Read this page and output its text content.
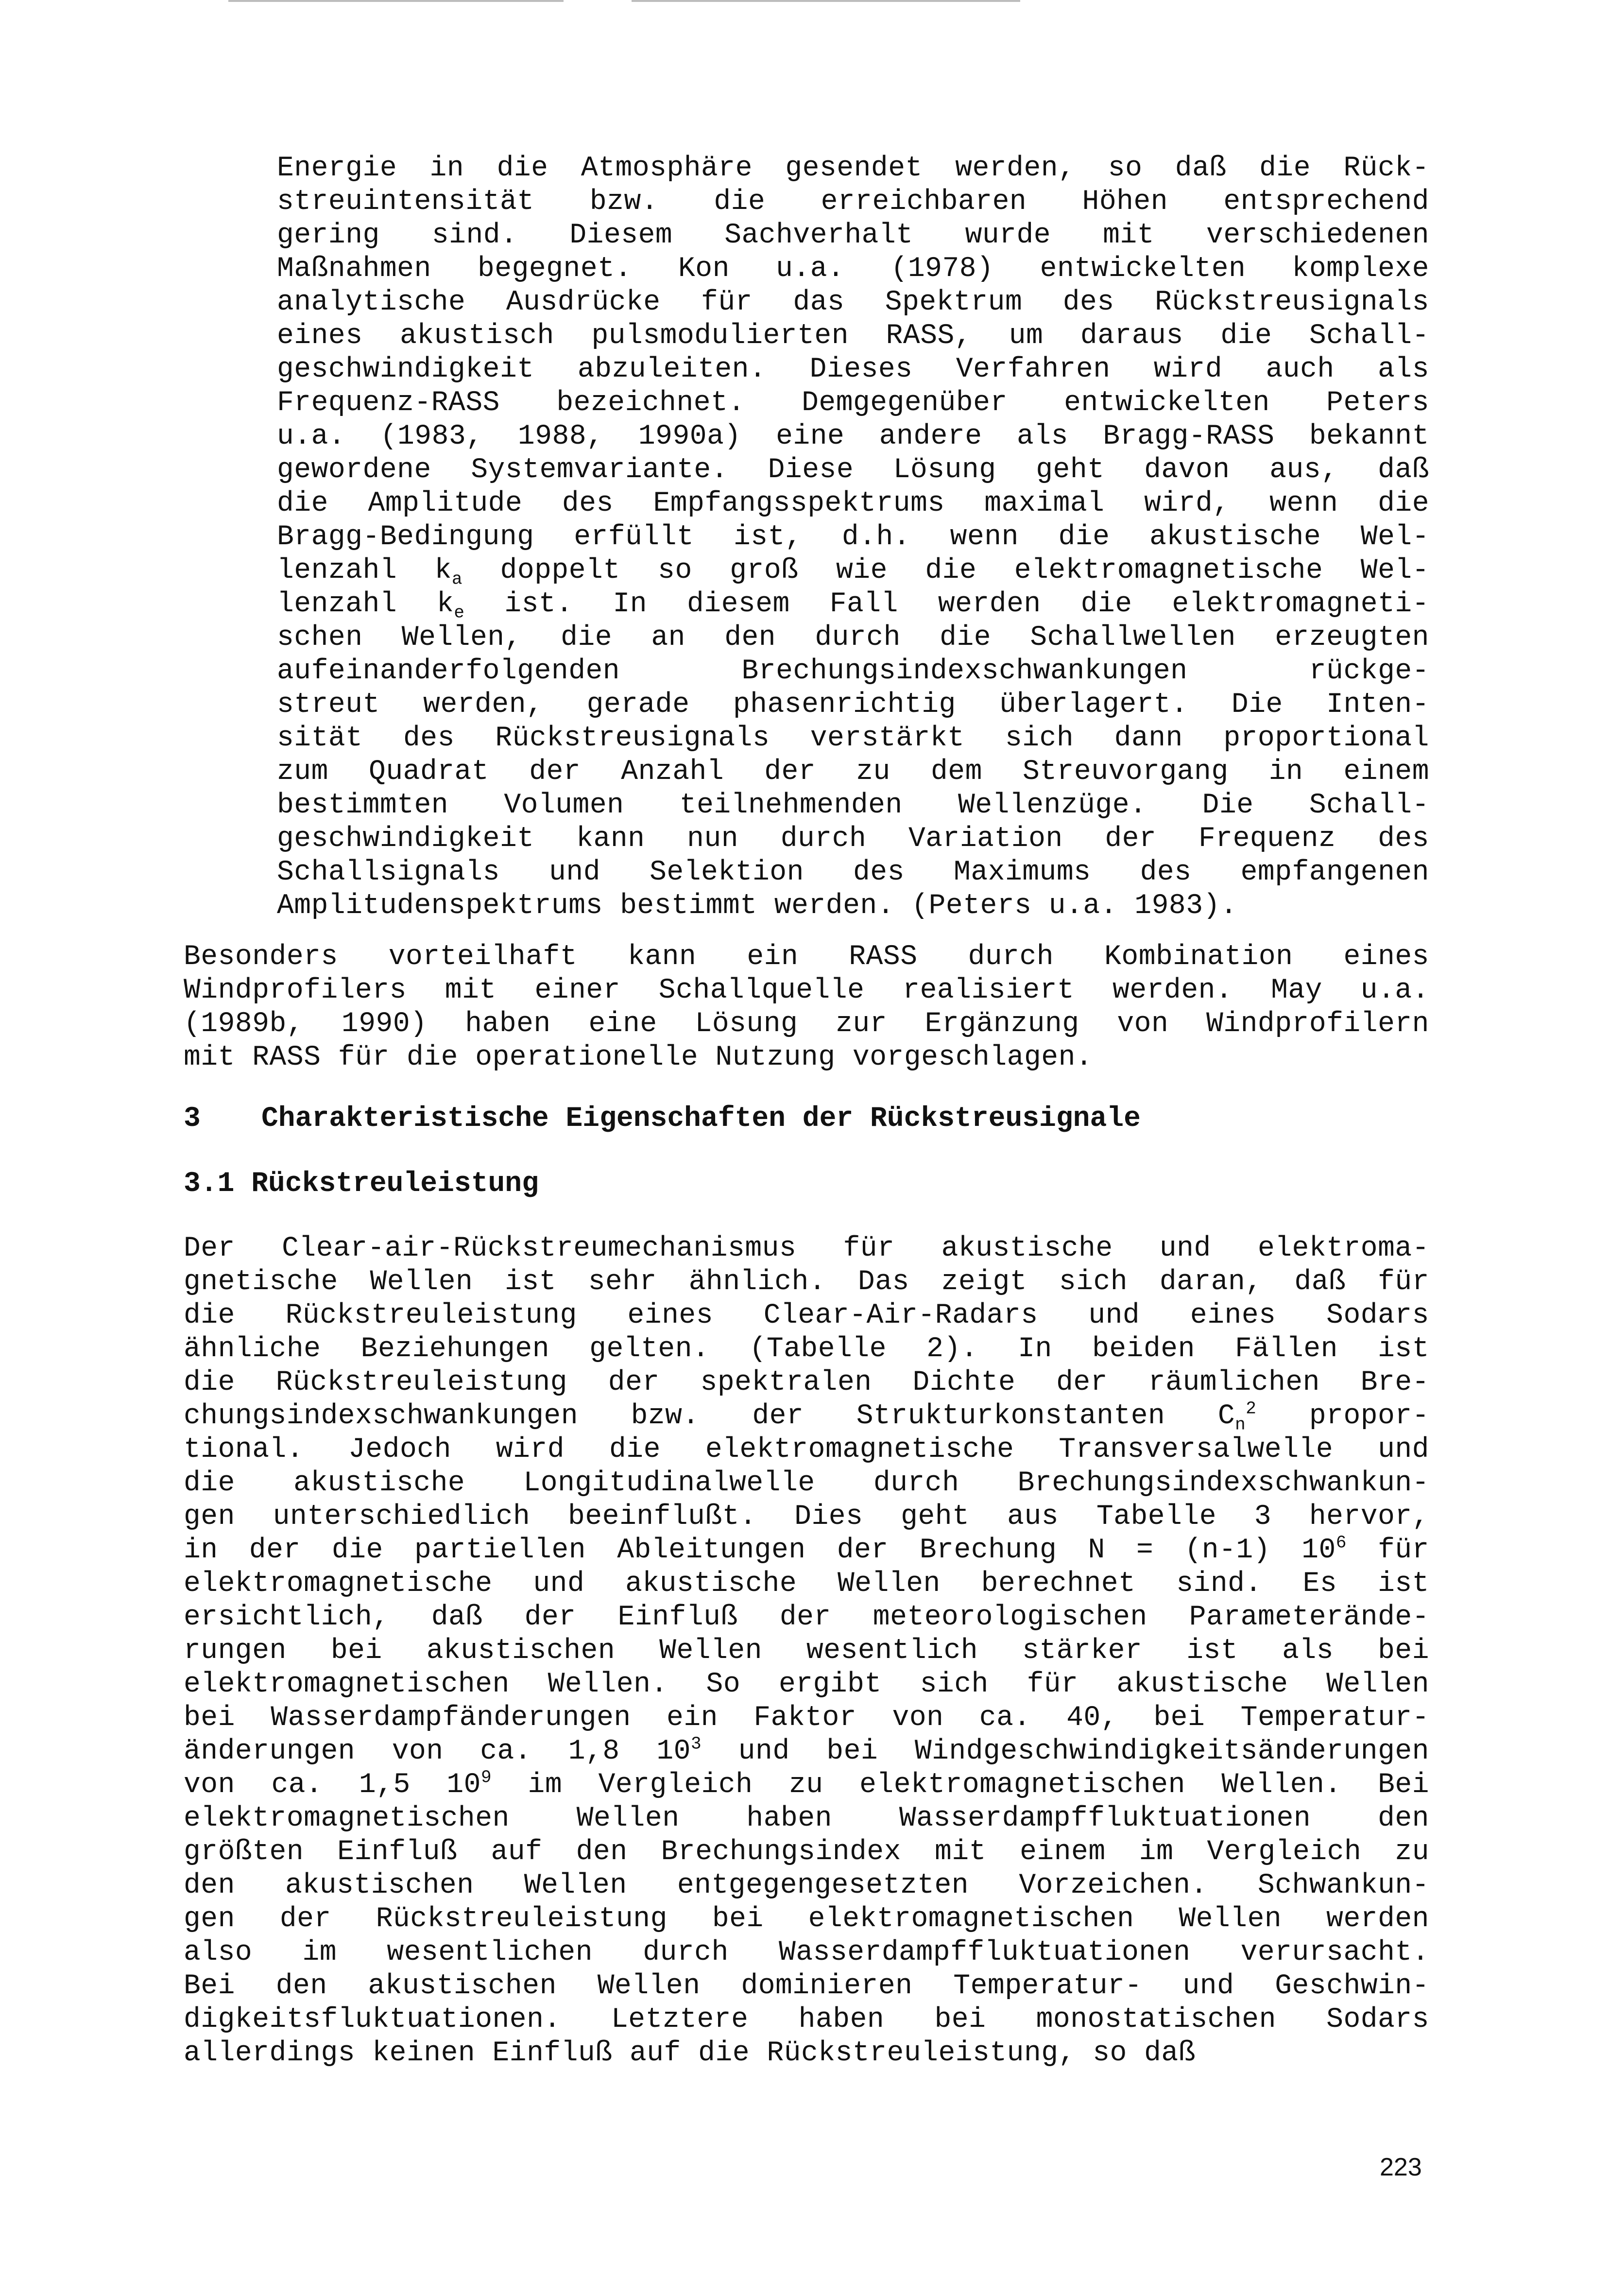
Energie in die Atmosphäre gesendet werden, so daß die Rück-
streuintensität bzw. die erreichbaren Höhen entsprechend
gering sind. Diesem Sachverhalt wurde mit verschiedenen
Maßnahmen begegnet. Kon u.a. (1978) entwickelten komplexe
analytische Ausdrücke für das Spektrum des Rückstreusignals
eines akustisch pulsmodulierten RASS, um daraus die Schall-
geschwindigkeit abzuleiten. Dieses Verfahren wird auch als
Frequenz-RASS bezeichnet. Demgegenüber entwickelten Peters
u.a. (1983, 1988, 1990a) eine andere als Bragg-RASS bekannt
gewordene Systemvariante. Diese Lösung geht davon aus, daß
die Amplitude des Empfangsspektrums maximal wird, wenn die
Bragg-Bedingung erfüllt ist, d.h. wenn die akustische Wel-
lenzahl $k_a$ doppelt so groß wie die elektromagnetische Wel-
lenzahl $k_e$ ist. In diesem Fall werden die elektromagneti-
schen Wellen, die an den durch die Schallwellen erzeugten
aufeinanderfolgenden Brechungsindexschwankungen rückge-
streut werden, gerade phasenrichtig überlagert. Die Inten-
sität des Rückstreusignals verstärkt sich dann proportional
zum Quadrat der Anzahl der zu dem Streuvorgang in einem
bestimmten Volumen teilnehmenden Wellenzüge. Die Schall-
geschwindigkeit kann nun durch Variation der Frequenz des
Schallsignals und Selektion des Maximums des empfangenen
Amplitudenspektrums bestimmt werden. (Peters u.a. 1983).
Besonders vorteilhaft kann ein RASS durch Kombination eines
Windprofilers mit einer Schallquelle realisiert werden. May u.a.
(1989b, 1990) haben eine Lösung zur Ergänzung von Windprofilern
mit RASS für die operationelle Nutzung vorgeschlagen.
3 Charakteristische Eigenschaften der Rückstreusignale
3.1 Rückstreuleistung
Der Clear-air-Rückstreumechanismus für akustische und elektroma-
gnetische Wellen ist sehr ähnlich. Das zeigt sich daran, daß für
die Rückstreuleistung eines Clear-Air-Radars und eines Sodars
ähnliche Beziehungen gelten. (Tabelle 2). In beiden Fällen ist
die Rückstreuleistung der spektralen Dichte der räumlichen Bre-
chungsindexschwankungen bzw. der Strukturkonstanten $C_n^2$ propor-
tional. Jedoch wird die elektromagnetische Transversalwelle und
die akustische Longitudinalwelle durch Brechungsindexschwankun-
gen unterschiedlich beeinflußt. Dies geht aus Tabelle 3 hervor,
in der die partiellen Ableitungen der Brechung N = (n-1) $10^6$ für
elektromagnetische und akustische Wellen berechnet sind. Es ist
ersichtlich, daß der Einfluß der meteorologischen Parameterände-
rungen bei akustischen Wellen wesentlich stärker ist als bei
elektromagnetischen Wellen. So ergibt sich für akustische Wellen
bei Wasserdampfänderungen ein Faktor von ca. 40, bei Temperatur-
änderungen von ca. 1,8 $10^3$ und bei Windgeschwindigkeitsänderungen
von ca. 1,5 $10^9$ im Vergleich zu elektromagnetischen Wellen. Bei
elektromagnetischen Wellen haben Wasserdampffluktuationen den
größten Einfluß auf den Brechungsindex mit einem im Vergleich zu
den akustischen Wellen entgegengesetzten Vorzeichen. Schwankun-
gen der Rückstreuleistung bei elektromagnetischen Wellen werden
also im wesentlichen durch Wasserdampffluktuationen verursacht.
Bei den akustischen Wellen dominieren Temperatur- und Geschwin-
digkeitsfluktuationen. Letztere haben bei monostatischen Sodars
allerdings keinen Einfluß auf die Rückstreuleistung, so daß
223
